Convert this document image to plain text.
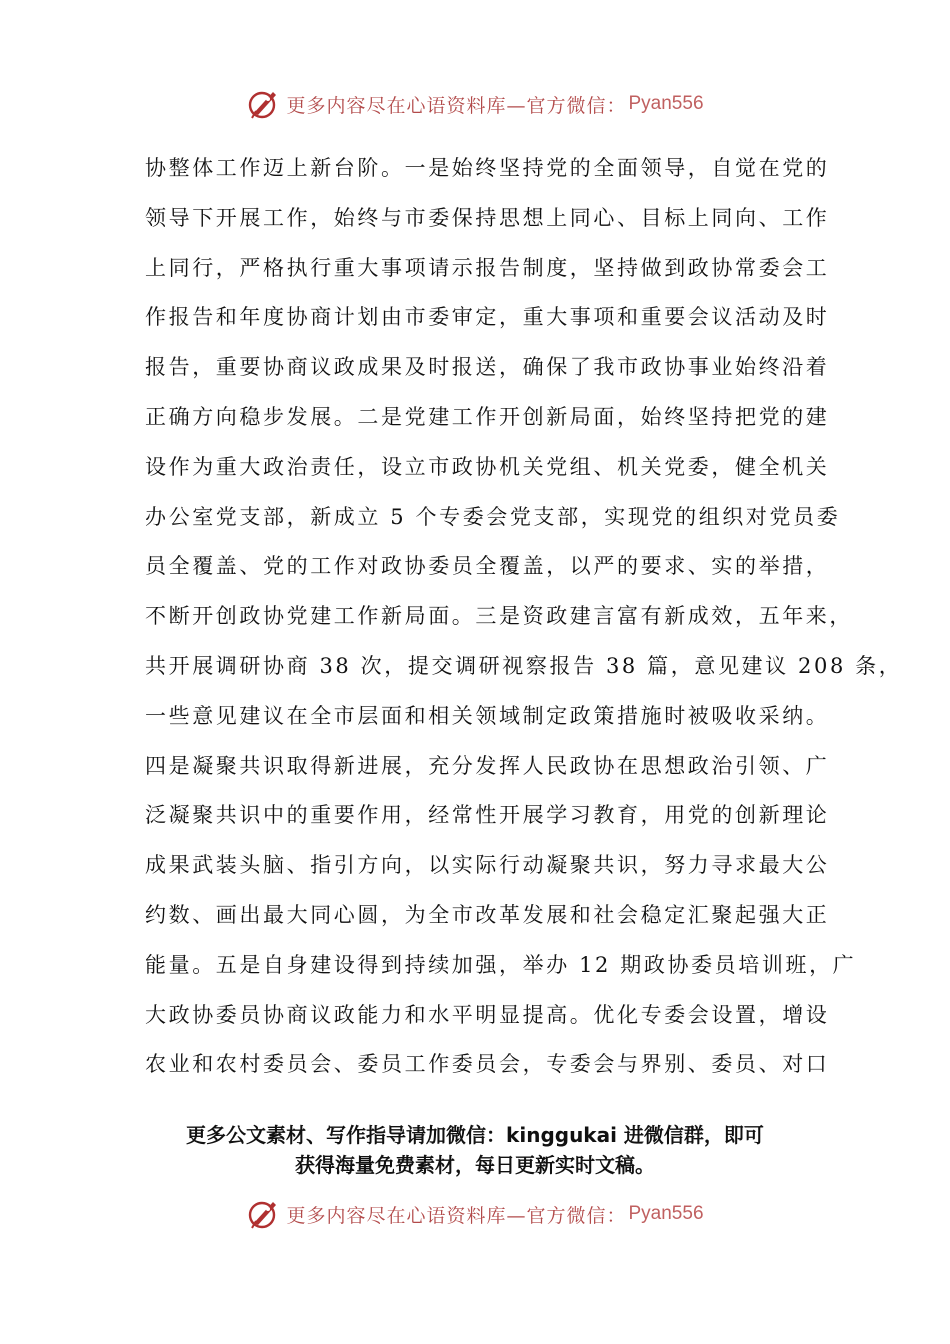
更多内容尽在心语资料库—官方微信： Pyan556
协整体工作迈上新台阶。一是始终坚持党的全面领导，自觉在党的
领导下开展工作，始终与市委保持思想上同心、目标上同向、工作
上同行，严格执行重大事项请示报告制度，坚持做到政协常委会工
作报告和年度协商计划由市委审定，重大事项和重要会议活动及时
报告，重要协商议政成果及时报送，确保了我市政协事业始终沿着
正确方向稳步发展。二是党建工作开创新局面，始终坚持把党的建
设作为重大政治责任，设立市政协机关党组、机关党委，健全机关
办公室党支部，新成立 5 个专委会党支部，实现党的组织对党员委
员全覆盖、党的工作对政协委员全覆盖，以严的要求、实的举措，
不断开创政协党建工作新局面。三是资政建言富有新成效，五年来，
共开展调研协商 38 次，提交调研视察报告 38 篇，意见建议 208 条，
一些意见建议在全市层面和相关领域制定政策措施时被吸收采纳。
四是凝聚共识取得新进展，充分发挥人民政协在思想政治引领、广
泛凝聚共识中的重要作用，经常性开展学习教育，用党的创新理论
成果武装头脑、指引方向，以实际行动凝聚共识，努力寻求最大公
约数、画出最大同心圆，为全市改革发展和社会稳定汇聚起强大正
能量。五是自身建设得到持续加强，举办 12 期政协委员培训班，广
大政协委员协商议政能力和水平明显提高。优化专委会设置，增设
农业和农村委员会、委员工作委员会，专委会与界别、委员、对口
更多公文素材、写作指导请加微信：kinggukai 进微信群，即可
获得海量免费素材，每日更新实时文稿。
更多内容尽在心语资料库—官方微信： Pyan556
